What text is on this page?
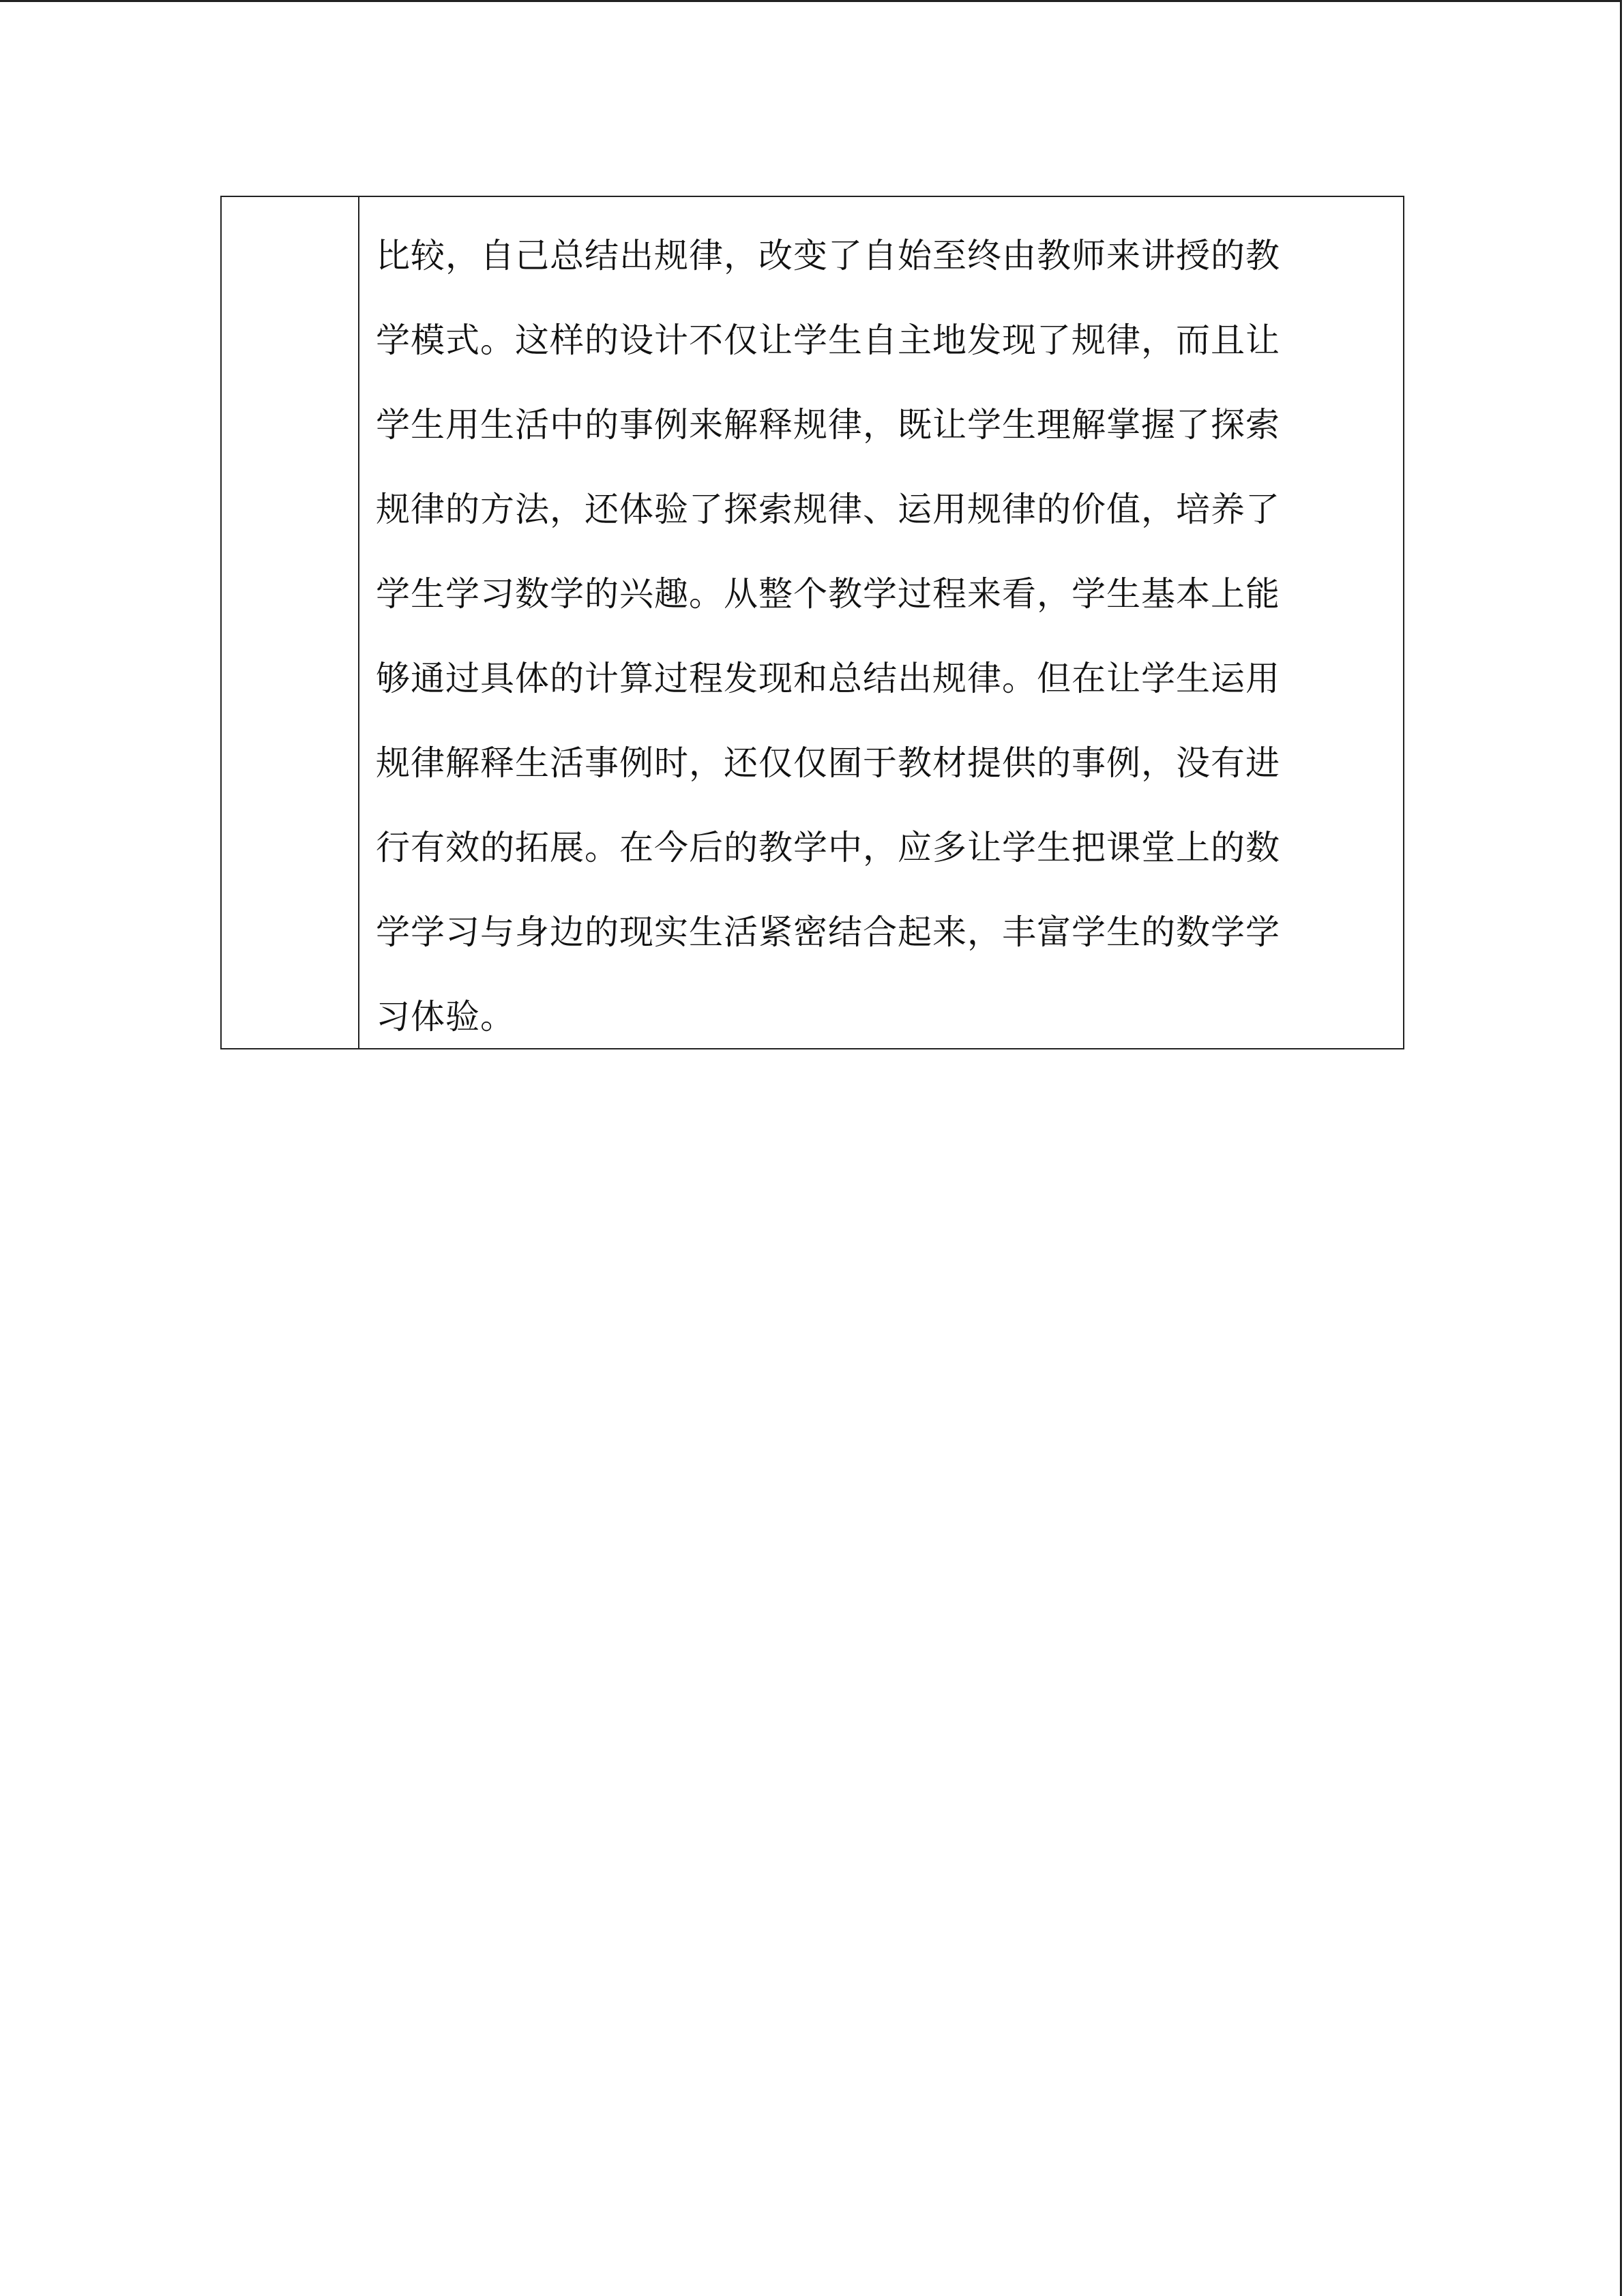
比较，自己总结出规律，改变了自始至终由教师来讲授的教
学模式。这样的设计不仅让学生自主地发现了规律，而且让
学生用生活中的事例来解释规律，既让学生理解掌握了探索
规律的方法，还体验了探索规律、运用规律的价值，培养了
学生学习数学的兴趣。从整个教学过程来看，学生基本上能
够通过具体的计算过程发现和总结出规律。但在让学生运用
规律解释生活事例时，还仅仅囿于教材提供的事例，没有进
行有效的拓展。在今后的教学中，应多让学生把课堂上的数
学学习与身边的现实生活紧密结合起来，丰富学生的数学学
习体验。
